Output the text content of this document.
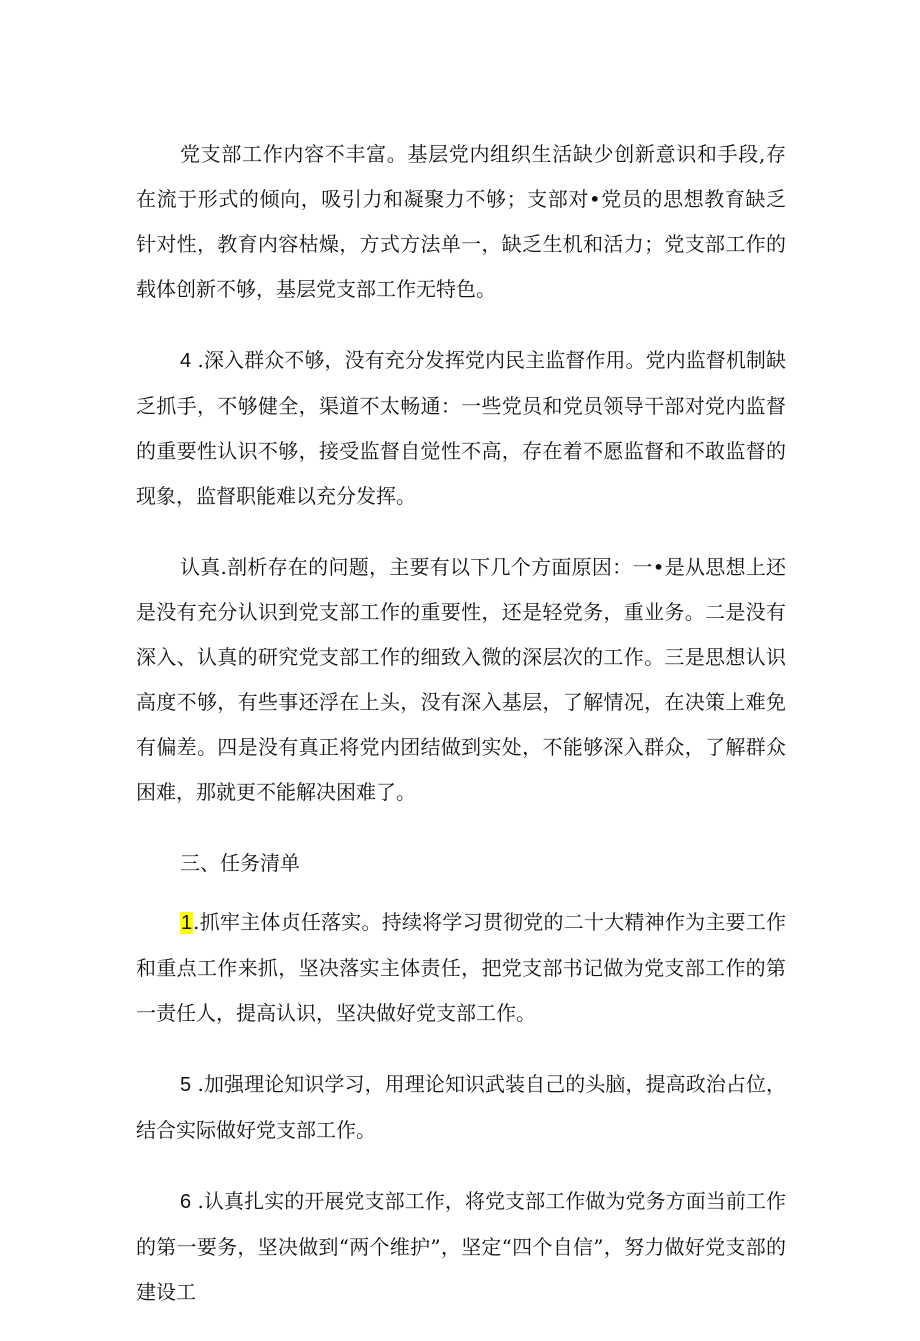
党支部工作内容不丰富。基层党内组织生活缺少创新意识和手段,存在流于形式的倾向，吸引力和凝聚力不够；支部对•党员的思想教育缺乏针对性，教育内容枯燥，方式方法单一，缺乏生机和活力；党支部工作的载体创新不够，基层党支部工作无特色。

4 .深入群众不够，没有充分发挥党内民主监督作用。党内监督机制缺乏抓手，不够健全，渠道不太畅通：一些党员和党员领导干部对党内监督的重要性认识不够，接受监督自觉性不高，存在着不愿监督和不敢监督的现象，监督职能难以充分发挥。

认真.剖析存在的问题，主要有以下几个方面原因：一•是从思想上还是没有充分认识到党支部工作的重要性，还是轻党务，重业务。二是没有深入、认真的研究党支部工作的细致入微的深层次的工作。三是思想认识高度不够，有些事还浮在上头，没有深入基层，了解情况，在决策上难免有偏差。四是没有真正将党内团结做到实处，不能够深入群众，了解群众困难，那就更不能解决困难了。

三、任务清单

1.抓牢主体贞任落实。持续将学习贯彻党的二十大精神作为主要工作和重点工作来抓，坚决落实主体责任，把党支部书记做为党支部工作的第一责任人，提高认识，坚决做好党支部工作。

5 .加强理论知识学习，用理论知识武装自己的头脑，提高政治占位，结合实际做好党支部工作。

6 .认真扎实的开展党支部工作，将党支部工作做为党务方面当前工作的第一要务，坚决做到“两个维护”，坚定“四个自信”，努力做好党支部的建设工
